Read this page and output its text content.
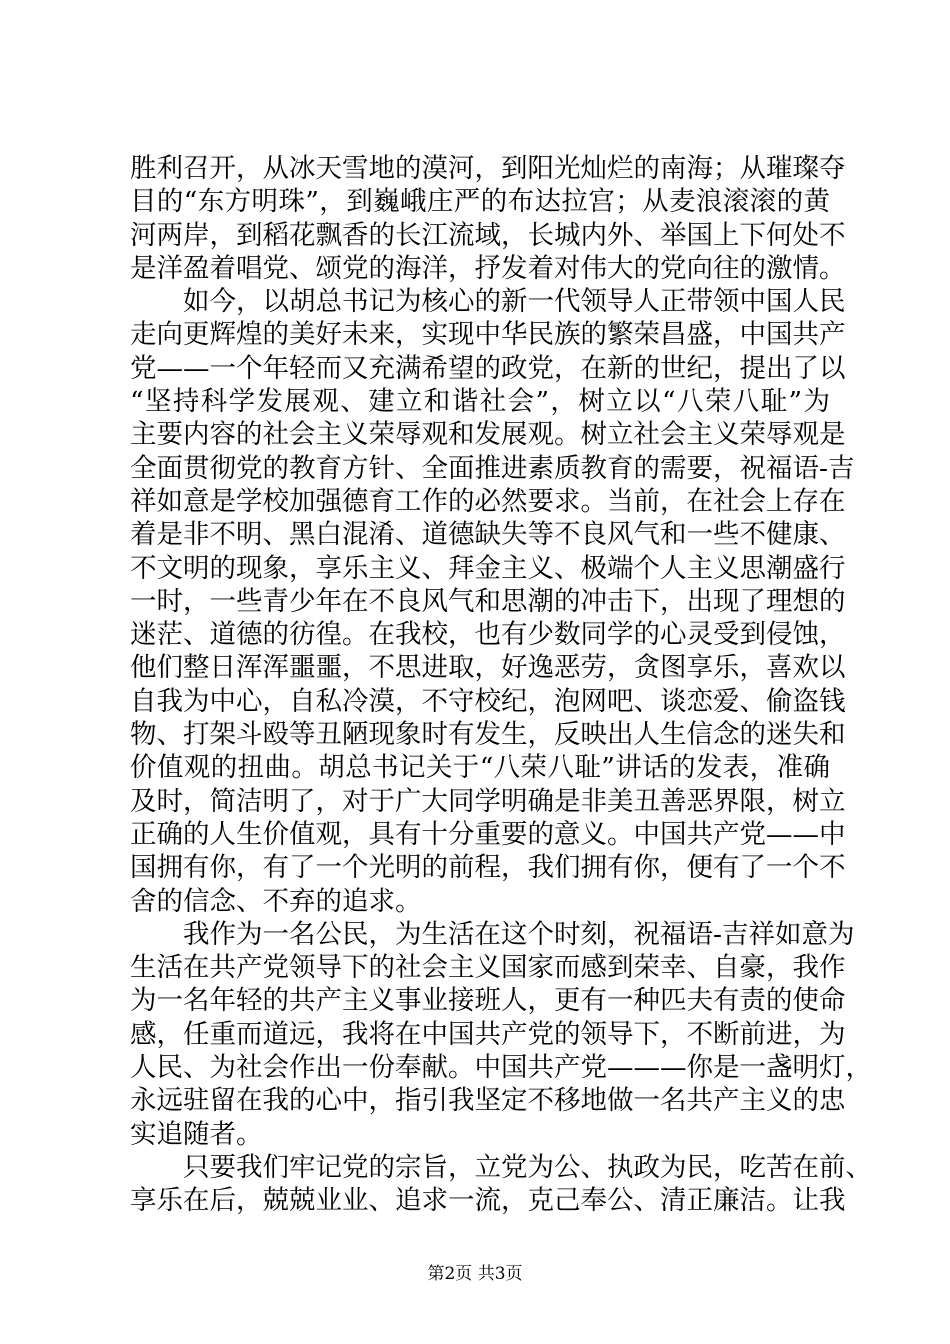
胜利召开，从冰天雪地的漠河，到阳光灿烂的南海；从璀璨夺
目的“东方明珠”，到巍峨庄严的布达拉宫；从麦浪滚滚的黄
河两岸，到稻花飘香的长江流域，长城内外、举国上下何处不
是洋盈着唱党、颂党的海洋，抒发着对伟大的党向往的激情。
　　如今，以胡总书记为核心的新一代领导人正带领中国人民
走向更辉煌的美好未来，实现中华民族的繁荣昌盛，中国共产
党——一个年轻而又充满希望的政党，在新的世纪，提出了以
“坚持科学发展观、建立和谐社会”，树立以“八荣八耻”为
主要内容的社会主义荣辱观和发展观。树立社会主义荣辱观是
全面贯彻党的教育方针、全面推进素质教育的需要，祝福语-吉
祥如意是学校加强德育工作的必然要求。当前，在社会上存在
着是非不明、黑白混淆、道德缺失等不良风气和一些不健康、
不文明的现象，享乐主义、拜金主义、极端个人主义思潮盛行
一时，一些青少年在不良风气和思潮的冲击下，出现了理想的
迷茫、道德的彷徨。在我校，也有少数同学的心灵受到侵蚀，
他们整日浑浑噩噩，不思进取，好逸恶劳，贪图享乐，喜欢以
自我为中心，自私冷漠，不守校纪，泡网吧、谈恋爱、偷盗钱
物、打架斗殴等丑陋现象时有发生，反映出人生信念的迷失和
价值观的扭曲。胡总书记关于“八荣八耻”讲话的发表，准确
及时，简洁明了，对于广大同学明确是非美丑善恶界限，树立
正确的人生价值观，具有十分重要的意义。中国共产党——中
国拥有你，有了一个光明的前程，我们拥有你，便有了一个不
舍的信念、不弃的追求。
　　我作为一名公民，为生活在这个时刻，祝福语-吉祥如意为
生活在共产党领导下的社会主义国家而感到荣幸、自豪，我作
为一名年轻的共产主义事业接班人，更有一种匹夫有责的使命
感，任重而道远，我将在中国共产党的领导下，不断前进，为
人民、为社会作出一份奉献。中国共产党———你是一盏明灯，
永远驻留在我的心中，指引我坚定不移地做一名共产主义的忠
实追随者。
　　只要我们牢记党的宗旨，立党为公、执政为民，吃苦在前、
享乐在后，兢兢业业、追求一流，克己奉公、清正廉洁。让我
第2页 共3页
